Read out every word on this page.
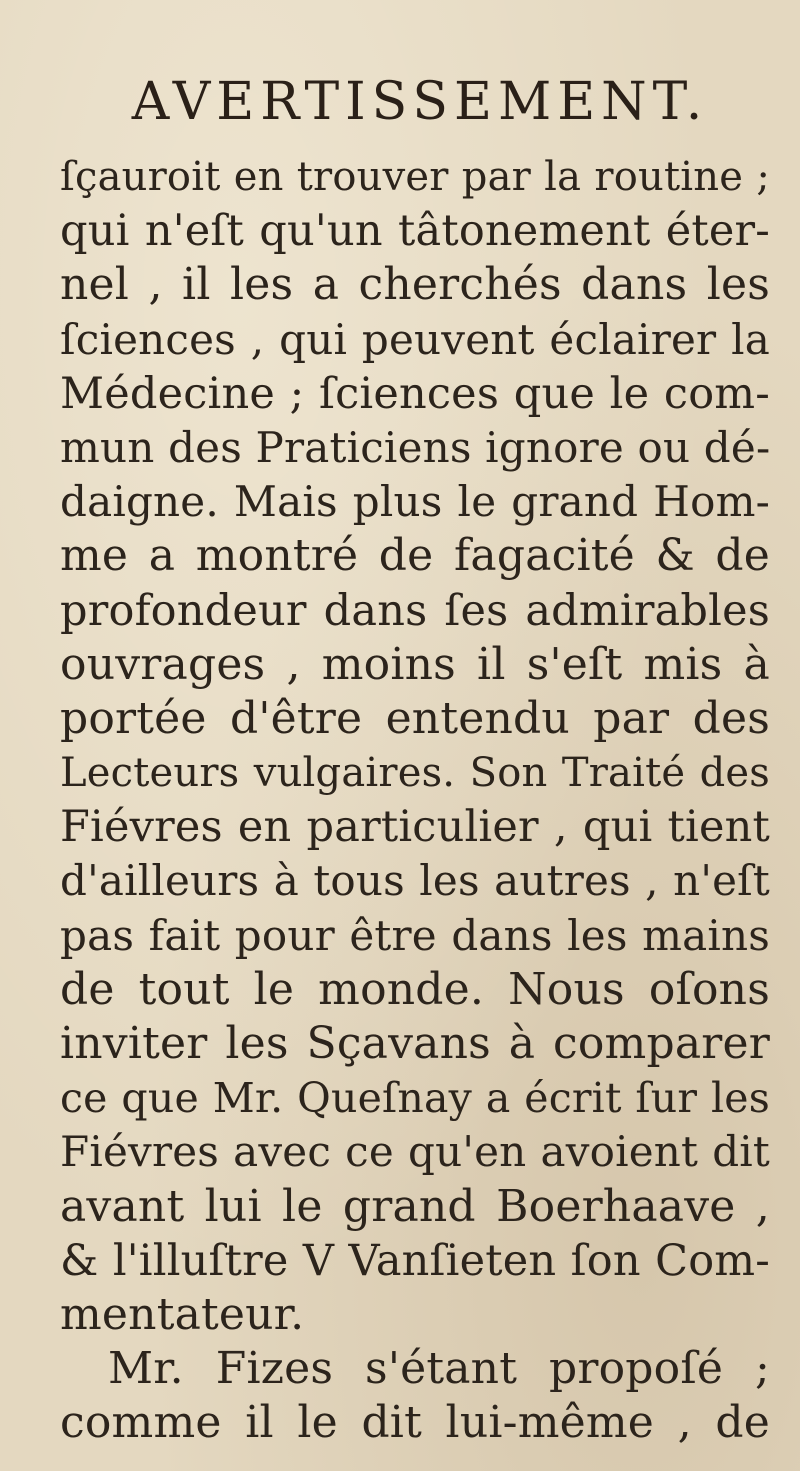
AVERTISSEMENT.
ſçauroit en trouver par la routine ;
qui n'eſt qu'un tâtonement éter-
nel , il les a cherchés dans les
ſciences , qui peuvent éclairer la
Médecine ; ſciences que le com-
mun des Praticiens ignore ou dé-
daigne. Mais plus le grand Hom-
me a montré de fagacité & de
profondeur dans ſes admirables
ouvrages , moins il s'eſt mis à
portée d'être entendu par des
Lecteurs vulgaires. Son Traité des
Fiévres en particulier , qui tient
d'ailleurs à tous les autres , n'eſt
pas fait pour être dans les mains
de tout le monde. Nous oſons
inviter les Sçavans à comparer
ce que Mr. Queſnay a écrit ſur les
Fiévres avec ce qu'en avoient dit
avant lui le grand Boerhaave ,
& l'illuſtre V Vanſieten ſon Com-
mentateur.
Mr. Fizes s'étant propoſé ;
comme il le dit lui-même , de
